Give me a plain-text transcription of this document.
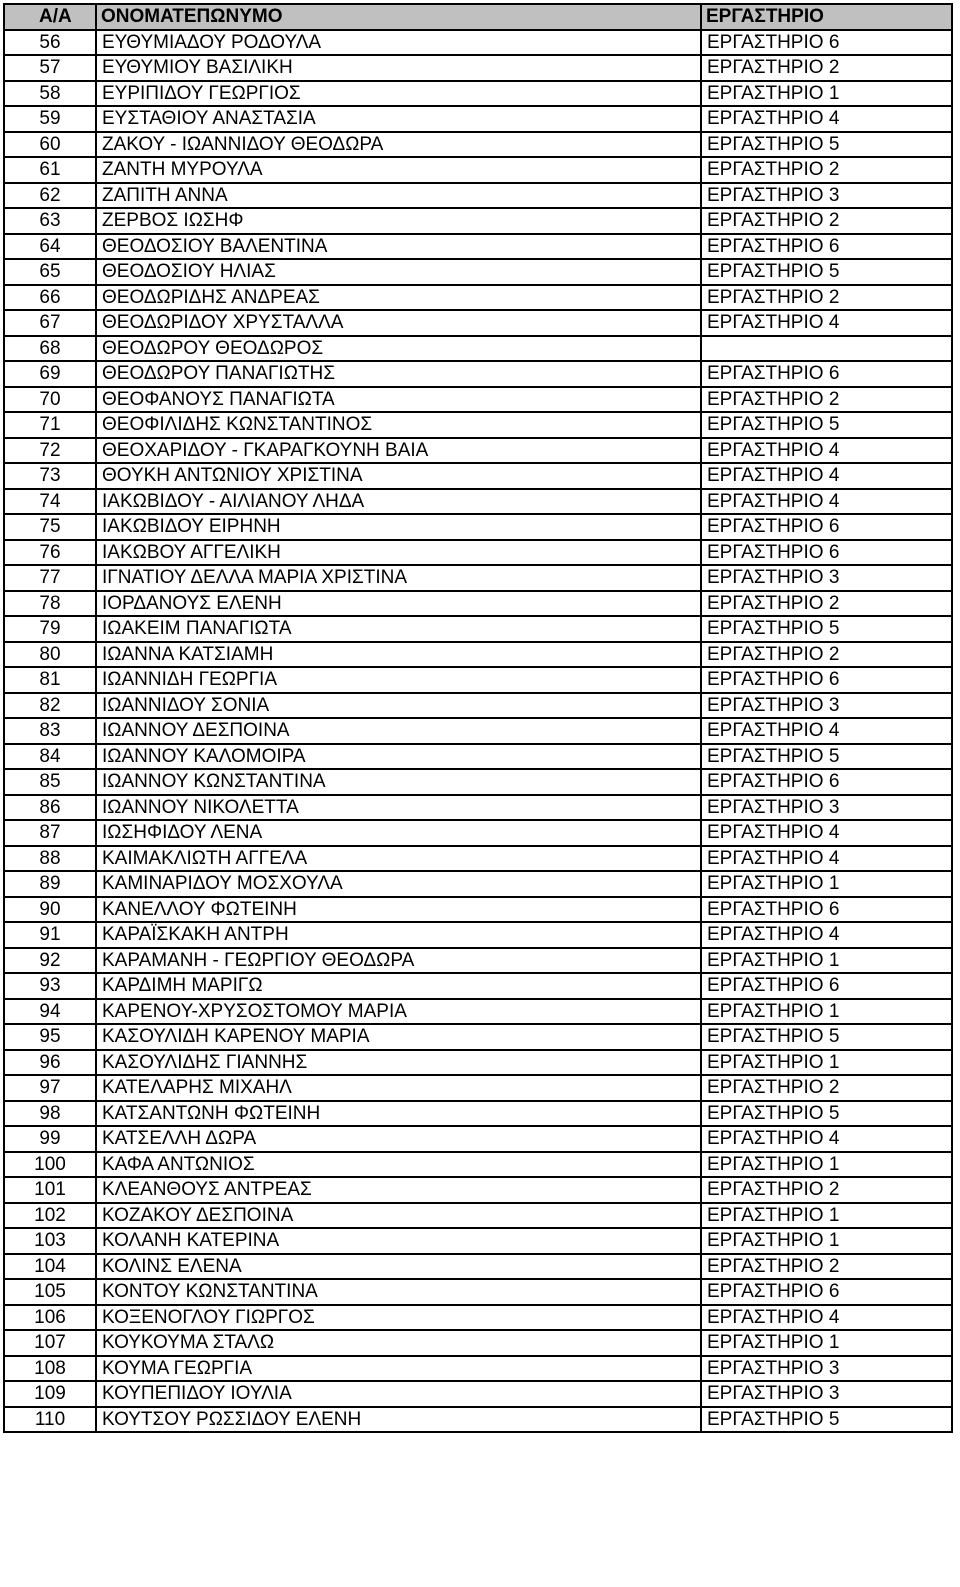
Α/Α	ΟΝΟΜΑΤΕΠΩΝΥΜΟ	ΕΡΓΑΣΤΗΡΙΟ
56	ΕΥΘΥΜΙΑΔΟΥ ΡΟΔΟΥΛΑ	ΕΡΓΑΣΤΗΡΙΟ 6
57	ΕΥΘΥΜΙΟΥ ΒΑΣΙΛΙΚΗ	ΕΡΓΑΣΤΗΡΙΟ 2
58	ΕΥΡΙΠΙΔΟΥ ΓΕΩΡΓΙΟΣ	ΕΡΓΑΣΤΗΡΙΟ 1
59	ΕΥΣΤΑΘΙΟΥ ΑΝΑΣΤΑΣΙΑ	ΕΡΓΑΣΤΗΡΙΟ 4
60	ΖΑΚΟΥ - ΙΩΑΝΝΙΔΟΥ ΘΕΟΔΩΡΑ	ΕΡΓΑΣΤΗΡΙΟ 5
61	ΖΑΝΤΗ ΜΥΡΟΥΛΑ	ΕΡΓΑΣΤΗΡΙΟ 2
62	ΖΑΠΙΤΗ ΑΝΝΑ	ΕΡΓΑΣΤΗΡΙΟ 3
63	ΖΕΡΒΟΣ ΙΩΣΗΦ	ΕΡΓΑΣΤΗΡΙΟ 2
64	ΘΕΟΔΟΣΙΟΥ ΒΑΛΕΝΤΙΝΑ	ΕΡΓΑΣΤΗΡΙΟ 6
65	ΘΕΟΔΟΣΙΟΥ ΗΛΙΑΣ	ΕΡΓΑΣΤΗΡΙΟ 5
66	ΘΕΟΔΩΡΙΔΗΣ ΑΝΔΡΕΑΣ	ΕΡΓΑΣΤΗΡΙΟ 2
67	ΘΕΟΔΩΡΙΔΟΥ ΧΡΥΣΤΑΛΛΑ	ΕΡΓΑΣΤΗΡΙΟ 4
68	ΘΕΟΔΩΡΟΥ ΘΕΟΔΩΡΟΣ	
69	ΘΕΟΔΩΡΟΥ ΠΑΝΑΓΙΩΤΗΣ	ΕΡΓΑΣΤΗΡΙΟ 6
70	ΘΕΟΦΑΝΟΥΣ ΠΑΝΑΓΙΩΤΑ	ΕΡΓΑΣΤΗΡΙΟ 2
71	ΘΕΟΦΙΛΙΔΗΣ ΚΩΝΣΤΑΝΤΙΝΟΣ	ΕΡΓΑΣΤΗΡΙΟ 5
72	ΘΕΟΧΑΡΙΔΟΥ - ΓΚΑΡΑΓΚΟΥΝΗ ΒΑΙΑ	ΕΡΓΑΣΤΗΡΙΟ 4
73	ΘΟΥΚΗ ΑΝΤΩΝΙΟΥ ΧΡΙΣΤΙΝΑ	ΕΡΓΑΣΤΗΡΙΟ 4
74	ΙΑΚΩΒΙΔΟΥ - ΑΙΛΙΑΝΟΥ ΛΗΔΑ	ΕΡΓΑΣΤΗΡΙΟ 4
75	ΙΑΚΩΒΙΔΟΥ ΕΙΡΗΝΗ	ΕΡΓΑΣΤΗΡΙΟ 6
76	ΙΑΚΩΒΟΥ ΑΓΓΕΛΙΚΗ	ΕΡΓΑΣΤΗΡΙΟ 6
77	ΙΓΝΑΤΙΟΥ ΔΕΛΛΑ ΜΑΡΙΑ ΧΡΙΣΤΙΝΑ	ΕΡΓΑΣΤΗΡΙΟ 3
78	ΙΟΡΔΑΝΟΥΣ ΕΛΕΝΗ	ΕΡΓΑΣΤΗΡΙΟ 2
79	ΙΩΑΚΕΙΜ ΠΑΝΑΓΙΩΤΑ	ΕΡΓΑΣΤΗΡΙΟ 5
80	ΙΩΑΝΝΑ ΚΑΤΣΙΑΜΗ	ΕΡΓΑΣΤΗΡΙΟ 2
81	ΙΩΑΝΝΙΔΗ ΓΕΩΡΓΙΑ	ΕΡΓΑΣΤΗΡΙΟ 6
82	ΙΩΑΝΝΙΔΟΥ ΣΟΝΙΑ	ΕΡΓΑΣΤΗΡΙΟ 3
83	ΙΩΑΝΝΟΥ ΔΕΣΠΟΙΝΑ	ΕΡΓΑΣΤΗΡΙΟ 4
84	ΙΩΑΝΝΟΥ ΚΑΛΟΜΟΙΡΑ	ΕΡΓΑΣΤΗΡΙΟ 5
85	ΙΩΑΝΝΟΥ ΚΩΝΣΤΑΝΤΙΝΑ	ΕΡΓΑΣΤΗΡΙΟ 6
86	ΙΩΑΝΝΟΥ ΝΙΚΟΛΕΤΤΑ	ΕΡΓΑΣΤΗΡΙΟ 3
87	ΙΩΣΗΦΙΔΟΥ ΛΕΝΑ	ΕΡΓΑΣΤΗΡΙΟ 4
88	ΚΑΙΜΑΚΛΙΩΤΗ ΑΓΓΕΛΑ	ΕΡΓΑΣΤΗΡΙΟ 4
89	ΚΑΜΙΝΑΡΙΔΟΥ ΜΟΣΧΟΥΛΑ	ΕΡΓΑΣΤΗΡΙΟ 1
90	ΚΑΝΕΛΛΟΥ ΦΩΤΕΙΝΗ	ΕΡΓΑΣΤΗΡΙΟ 6
91	ΚΑΡΑΪΣΚΑΚΗ ΑΝΤΡΗ	ΕΡΓΑΣΤΗΡΙΟ 4
92	ΚΑΡΑΜΑΝΗ - ΓΕΩΡΓΙΟΥ ΘΕΟΔΩΡΑ	ΕΡΓΑΣΤΗΡΙΟ 1
93	ΚΑΡΔΙΜΗ ΜΑΡΙΓΩ	ΕΡΓΑΣΤΗΡΙΟ 6
94	ΚΑΡΕΝΟΥ-ΧΡΥΣΟΣΤΟΜΟΥ ΜΑΡΙΑ	ΕΡΓΑΣΤΗΡΙΟ 1
95	ΚΑΣΟΥΛΙΔΗ ΚΑΡΕΝΟΥ ΜΑΡΙΑ	ΕΡΓΑΣΤΗΡΙΟ 5
96	ΚΑΣΟΥΛΙΔΗΣ ΓΙΑΝΝΗΣ	ΕΡΓΑΣΤΗΡΙΟ 1
97	ΚΑΤΕΛΑΡΗΣ ΜΙΧΑΗΛ	ΕΡΓΑΣΤΗΡΙΟ 2
98	ΚΑΤΣΑΝΤΩΝΗ ΦΩΤΕΙΝΗ	ΕΡΓΑΣΤΗΡΙΟ 5
99	ΚΑΤΣΕΛΛΗ ΔΩΡΑ	ΕΡΓΑΣΤΗΡΙΟ 4
100	ΚΑΦΑ ΑΝΤΩΝΙΟΣ	ΕΡΓΑΣΤΗΡΙΟ 1
101	ΚΛΕΑΝΘΟΥΣ ΑΝΤΡΕΑΣ	ΕΡΓΑΣΤΗΡΙΟ 2
102	ΚΟΖΑΚΟΥ ΔΕΣΠΟΙΝΑ	ΕΡΓΑΣΤΗΡΙΟ 1
103	ΚΟΛΑΝΗ ΚΑΤΕΡΙΝΑ	ΕΡΓΑΣΤΗΡΙΟ 1
104	ΚΟΛΙΝΣ ΕΛΕΝΑ	ΕΡΓΑΣΤΗΡΙΟ 2
105	ΚΟΝΤΟΥ ΚΩΝΣΤΑΝΤΙΝΑ	ΕΡΓΑΣΤΗΡΙΟ 6
106	ΚΟΞΕΝΟΓΛΟΥ ΓΙΩΡΓΟΣ	ΕΡΓΑΣΤΗΡΙΟ 4
107	ΚΟΥΚΟΥΜΑ ΣΤΑΛΩ	ΕΡΓΑΣΤΗΡΙΟ 1
108	ΚΟΥΜΑ ΓΕΩΡΓΙΑ	ΕΡΓΑΣΤΗΡΙΟ 3
109	ΚΟΥΠΕΠΙΔΟΥ ΙΟΥΛΙΑ	ΕΡΓΑΣΤΗΡΙΟ 3
110	ΚΟΥΤΣΟΥ ΡΩΣΣΙΔΟΥ ΕΛΕΝΗ	ΕΡΓΑΣΤΗΡΙΟ 5
